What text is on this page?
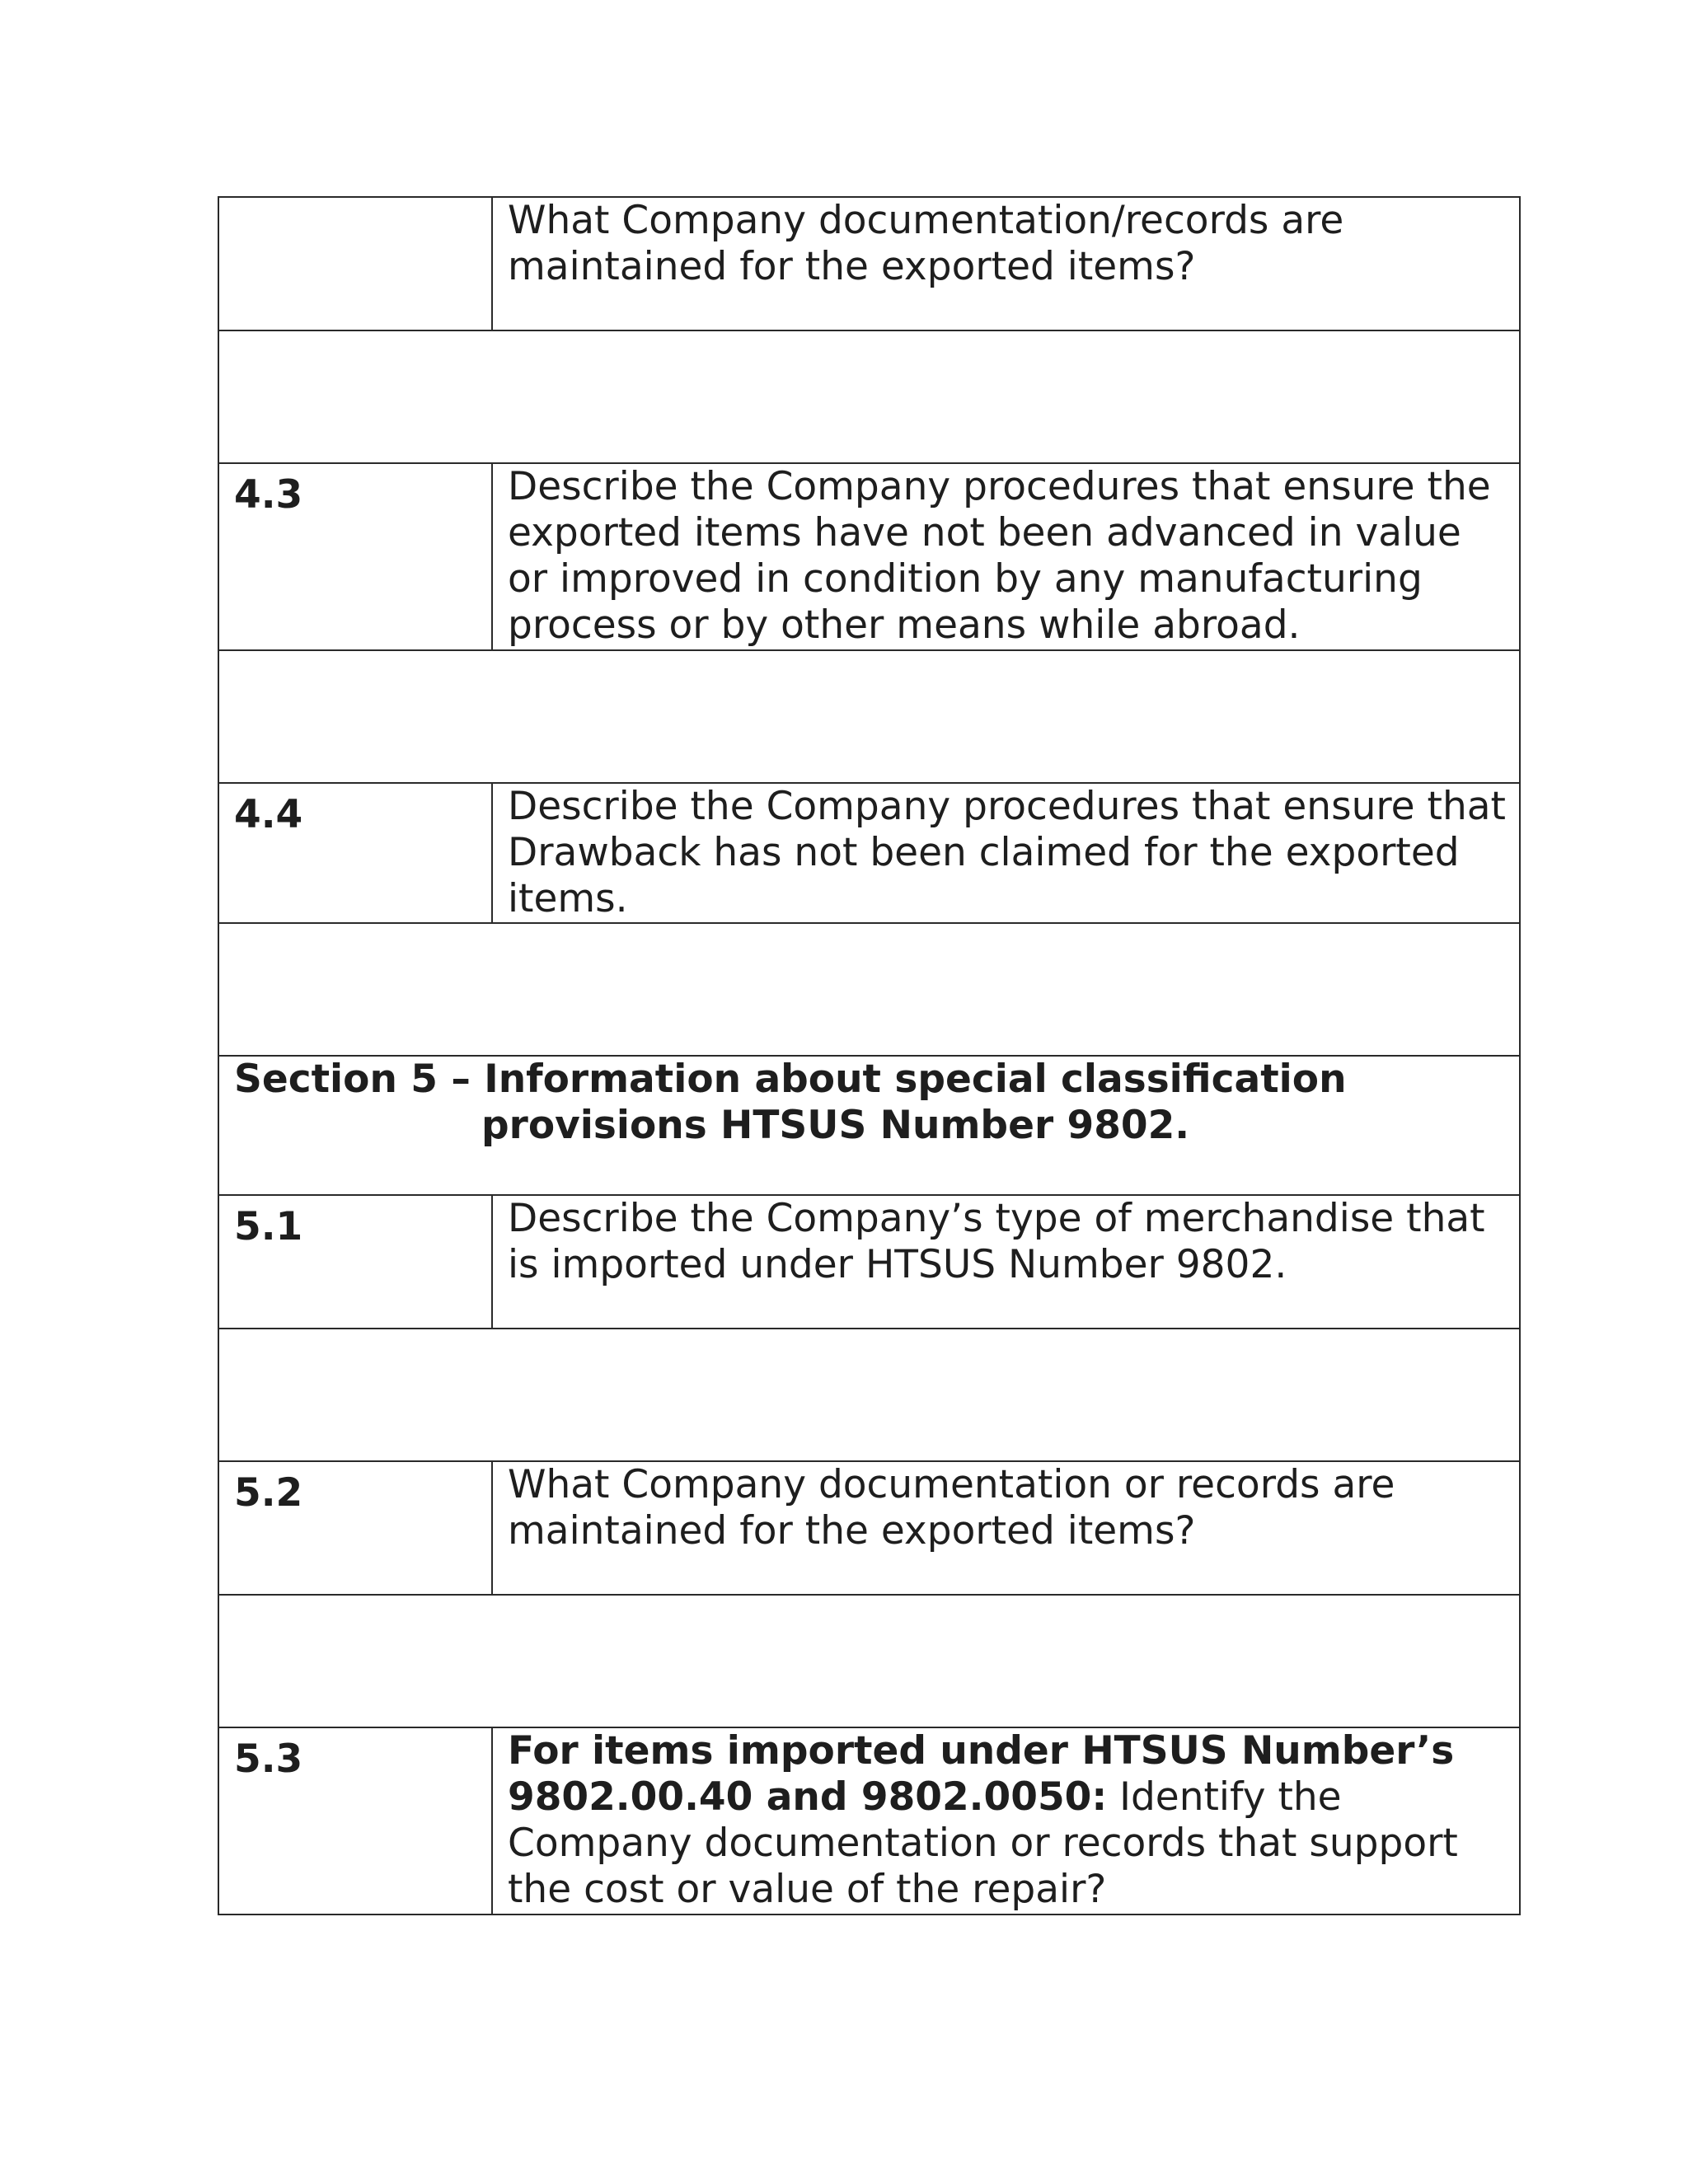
	What Company documentation/records are maintained for the exported items?

4.3	Describe the Company procedures that ensure the exported items have not been advanced in value or improved in condition by any manufacturing process or by other means while abroad.

4.4	Describe the Company procedures that ensure that Drawback has not been claimed for the exported items.

Section 5 – Information about special classification
provisions HTSUS Number 9802.	

5.1	Describe the Company’s type of merchandise that is imported under HTSUS Number 9802.

5.2	What Company documentation or records are maintained for the exported items?

5.3	For items imported under HTSUS Number’s 9802.00.40 and 9802.0050: Identify the Company documentation or records that support the cost or value of the repair?
